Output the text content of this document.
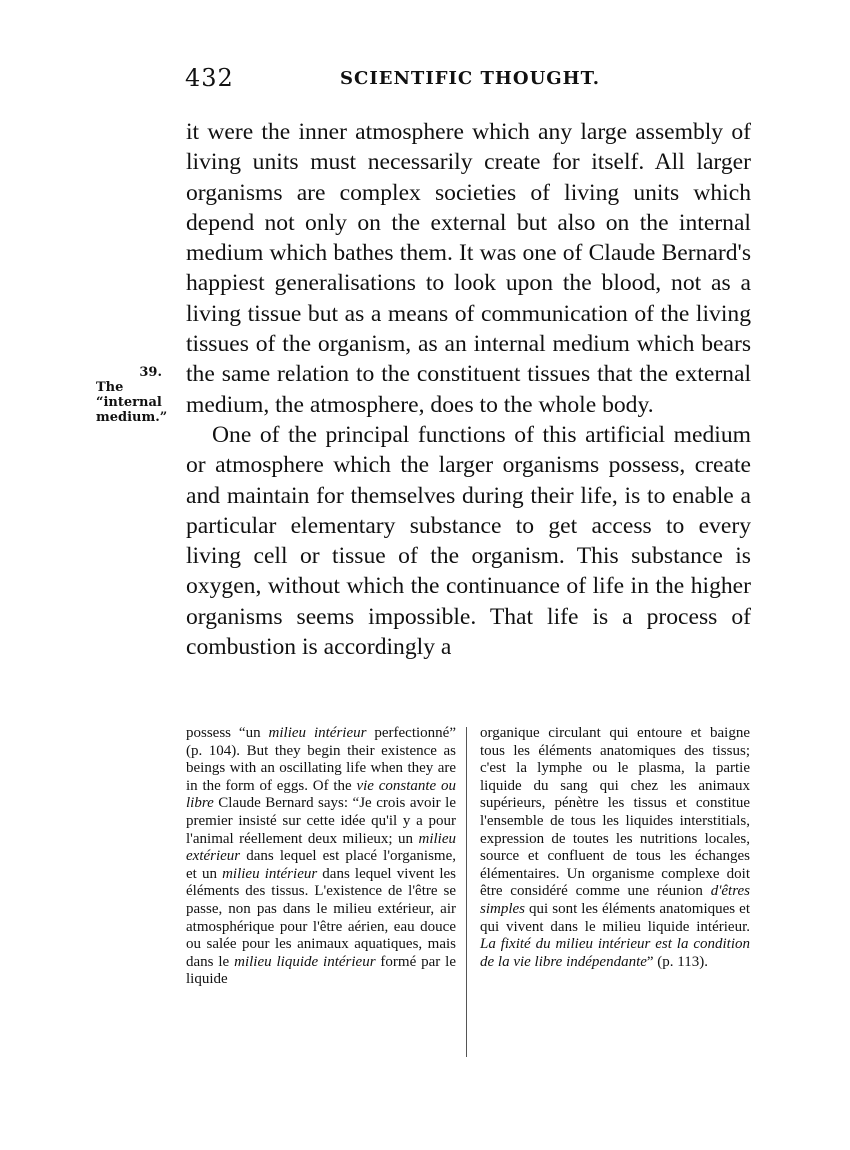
432	SCIENTIFIC THOUGHT.
39.
The
“internal
medium.”

it were the inner atmosphere which any large assembly of living units must necessarily create for itself. All larger organisms are complex societies of living units which depend not only on the external but also on the internal medium which bathes them. It was one of Claude Bernard's happiest generalisations to look upon the blood, not as a living tissue but as a means of communication of the living tissues of the organism, as an internal medium which bears the same relation to the constituent tissues that the external medium, the atmosphere, does to the whole body.

One of the principal functions of this artificial medium or atmosphere which the larger organisms possess, create and maintain for themselves during their life, is to enable a particular elementary substance to get access to every living cell or tissue of the organism. This substance is oxygen, without which the continuance of life in the higher organisms seems impossible. That life is a process of combustion is accordingly a

possess “un milieu intérieur perfectionné” (p. 104). But they begin their existence as beings with an oscillating life when they are in the form of eggs. Of the vie constante ou libre Claude Bernard says: “Je crois avoir le premier insisté sur cette idée qu'il y a pour l'animal réellement deux milieux; un milieu extérieur dans lequel est placé l'organisme, et un milieu intérieur dans lequel vivent les éléments des tissus. L'existence de l'être se passe, non pas dans le milieu extérieur, air atmosphérique pour l'être aérien, eau douce ou salée pour les animaux aquatiques, mais dans le milieu liquide intérieur formé par le liquide
organique circulant qui entoure et baigne tous les éléments anatomiques des tissus; c'est la lymphe ou le plasma, la partie liquide du sang qui chez les animaux supérieurs, pénètre les tissus et constitue l'ensemble de tous les liquides interstitials, expression de toutes les nutritions locales, source et confluent de tous les échanges élémentaires. Un organisme complexe doit être considéré comme une réunion d'êtres simples qui sont les éléments anatomiques et qui vivent dans le milieu liquide intérieur. La fixité du milieu intérieur est la condition de la vie libre indépendante” (p. 113).
